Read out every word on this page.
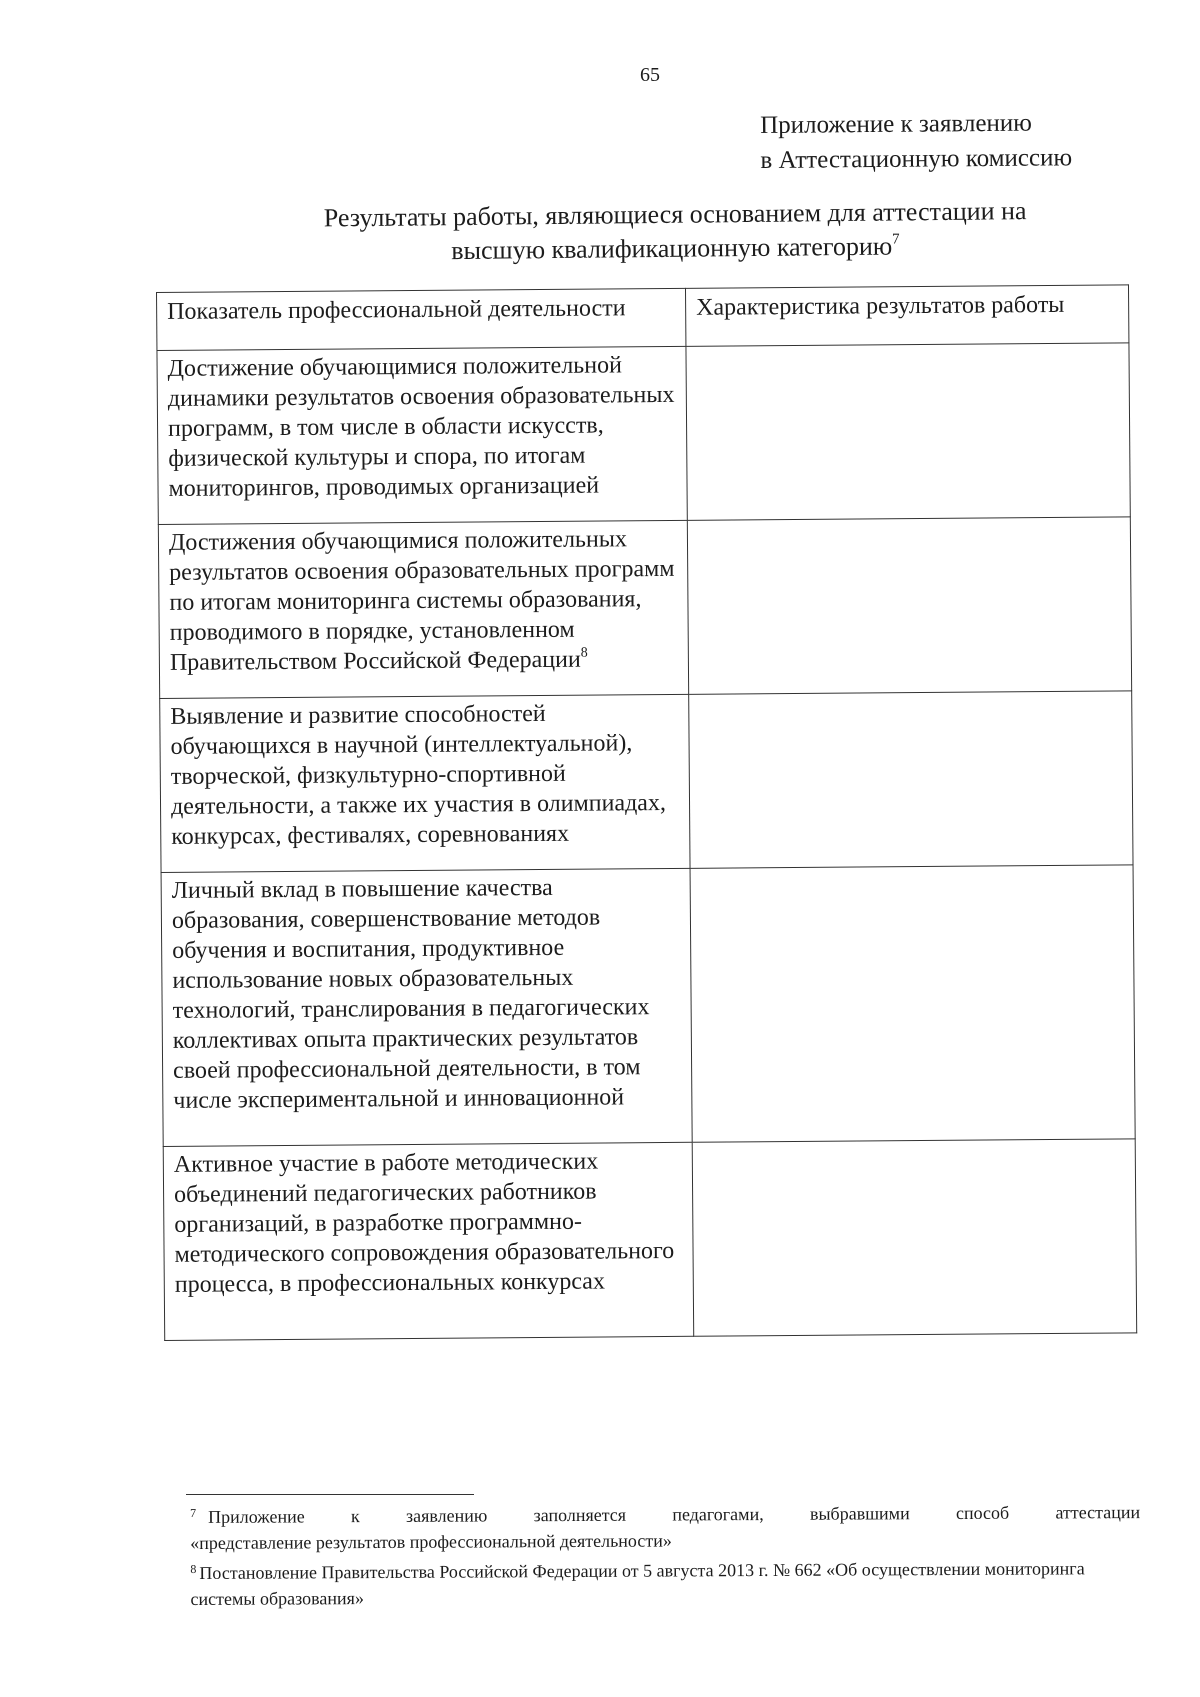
65
Приложение к заявлению
в Аттестационную комиссию
Результаты работы, являющиеся основанием для аттестации на
высшую квалификационную категорию$^7$
Показатель профессиональной деятельности	Характеристика результатов работы
Достижение обучающимися положительной динамики результатов освоения образовательных программ, в том числе в области искусств, физической культуры и спора, по итогам мониторингов, проводимых организацией	
Достижения обучающимися положительных результатов освоения образовательных программ по итогам мониторинга системы образования, проводимого в порядке, установленном Правительством Российской Федерации$^8$	
Выявление и развитие способностей обучающихся в научной (интеллектуальной), творческой, физкультурно-спортивной деятельности, а также их участия в олимпиадах, конкурсах, фестивалях, соревнованиях	
Личный вклад в повышение качества образования, совершенствование методов обучения и воспитания, продуктивное использование новых образовательных технологий, транслирования в педагогических коллективах опыта практических результатов своей профессиональной деятельности, в том числе экспериментальной и инновационной	
Активное участие в работе методических объединений педагогических работников организаций, в разработке программно-методического сопровождения образовательного процесса, в профессиональных конкурсах	
$^7$ Приложение к заявлению заполняется педагогами, выбравшими способ аттестации
«представление результатов профессиональной деятельности»
$^8$ Постановление Правительства Российской Федерации от 5 августа 2013 г. № 662 «Об осуществлении мониторинга системы образования»
